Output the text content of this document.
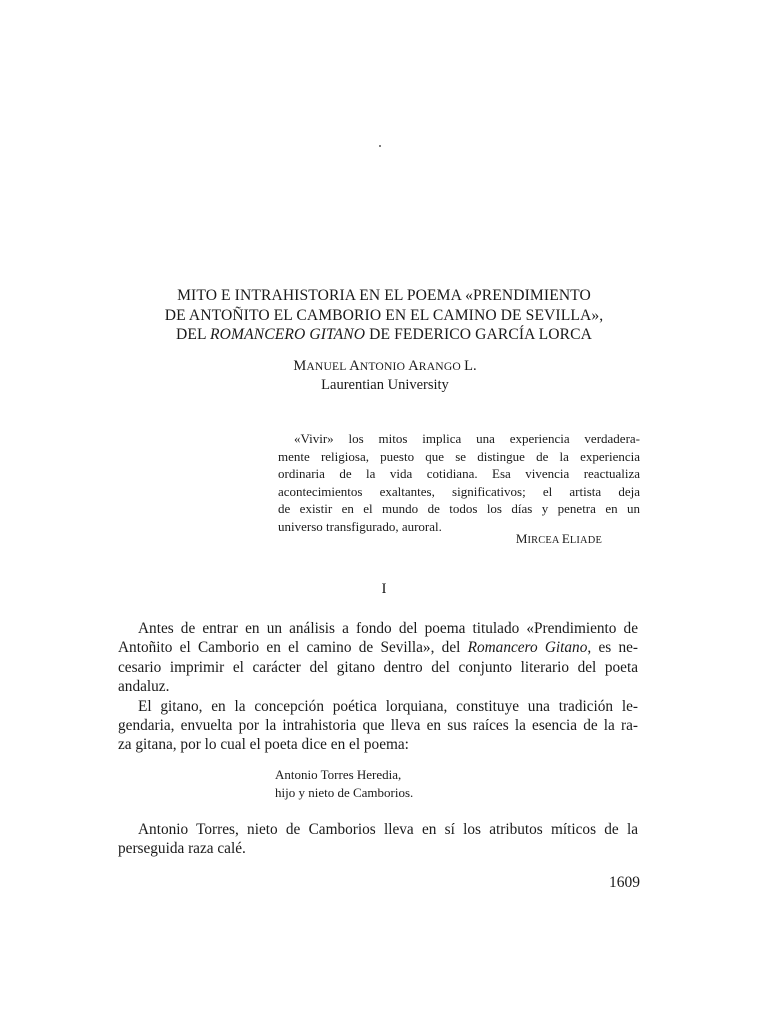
MITO E INTRAHISTORIA EN EL POEMA «PRENDIMIENTO
DE ANTOÑITO EL CAMBORIO EN EL CAMINO DE SEVILLA»,
DEL ROMANCERO GITANO DE FEDERICO GARCÍA LORCA
MANUEL ANTONIO ARANGO L.
Laurentian University
«Vivir» los mitos implica una experiencia verdadera-
mente religiosa, puesto que se distingue de la experiencia
ordinaria de la vida cotidiana. Esa vivencia reactualiza
acontecimientos exaltantes, significativos; el artista deja
de existir en el mundo de todos los días y penetra en un
universo transfigurado, auroral.
MIRCEA ELIADE
I
Antes de entrar en un análisis a fondo del poema titulado «Prendimiento de
Antoñito el Camborio en el camino de Sevilla», del Romancero Gitano, es ne-
cesario imprimir el carácter del gitano dentro del conjunto literario del poeta
andaluz.
El gitano, en la concepción poética lorquiana, constituye una tradición le-
gendaria, envuelta por la intrahistoria que lleva en sus raíces la esencia de la ra-
za gitana, por lo cual el poeta dice en el poema:
Antonio Torres Heredia,
hijo y nieto de Camborios.
Antonio Torres, nieto de Camborios lleva en sí los atributos míticos de la
perseguida raza calé.
1609
